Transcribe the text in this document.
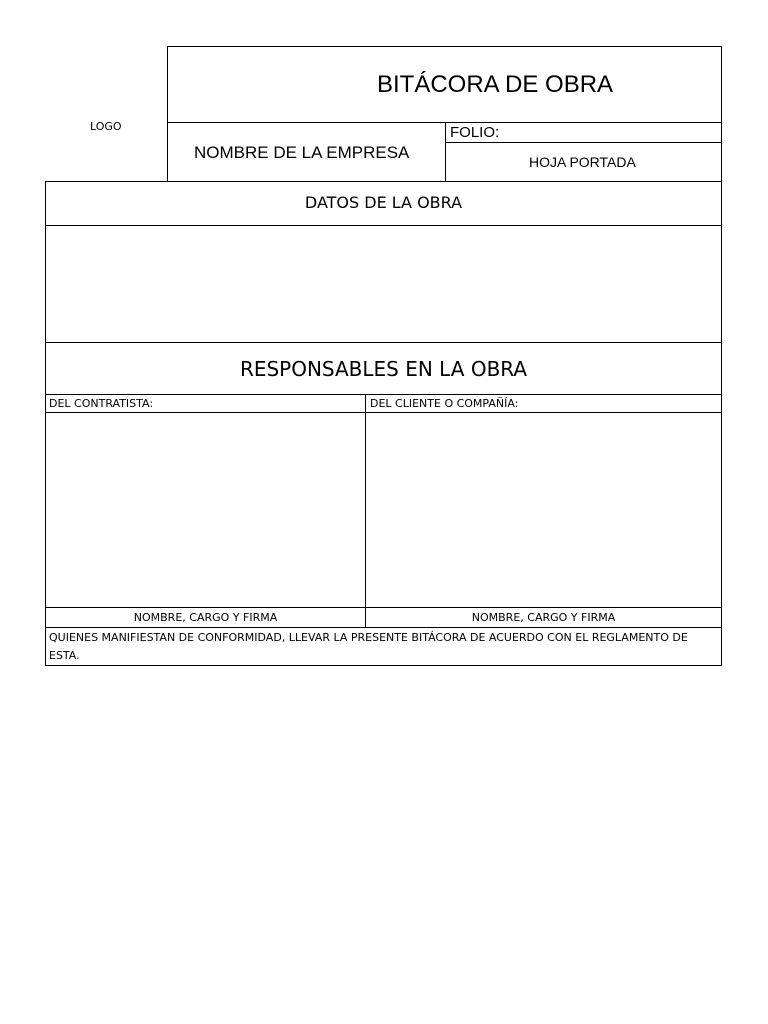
LOGO
BITÁCORA DE OBRA
NOMBRE DE LA EMPRESA
FOLIO:
HOJA PORTADA
DATOS DE LA OBRA
RESPONSABLES EN LA OBRA
DEL CONTRATISTA:	DEL CLIENTE O COMPAÑÍA:
NOMBRE, CARGO Y FIRMA	NOMBRE, CARGO Y FIRMA
QUIENES MANIFIESTAN DE CONFORMIDAD, LLEVAR LA PRESENTE BITÁCORA DE ACUERDO CON EL REGLAMENTO DE
ESTA.
